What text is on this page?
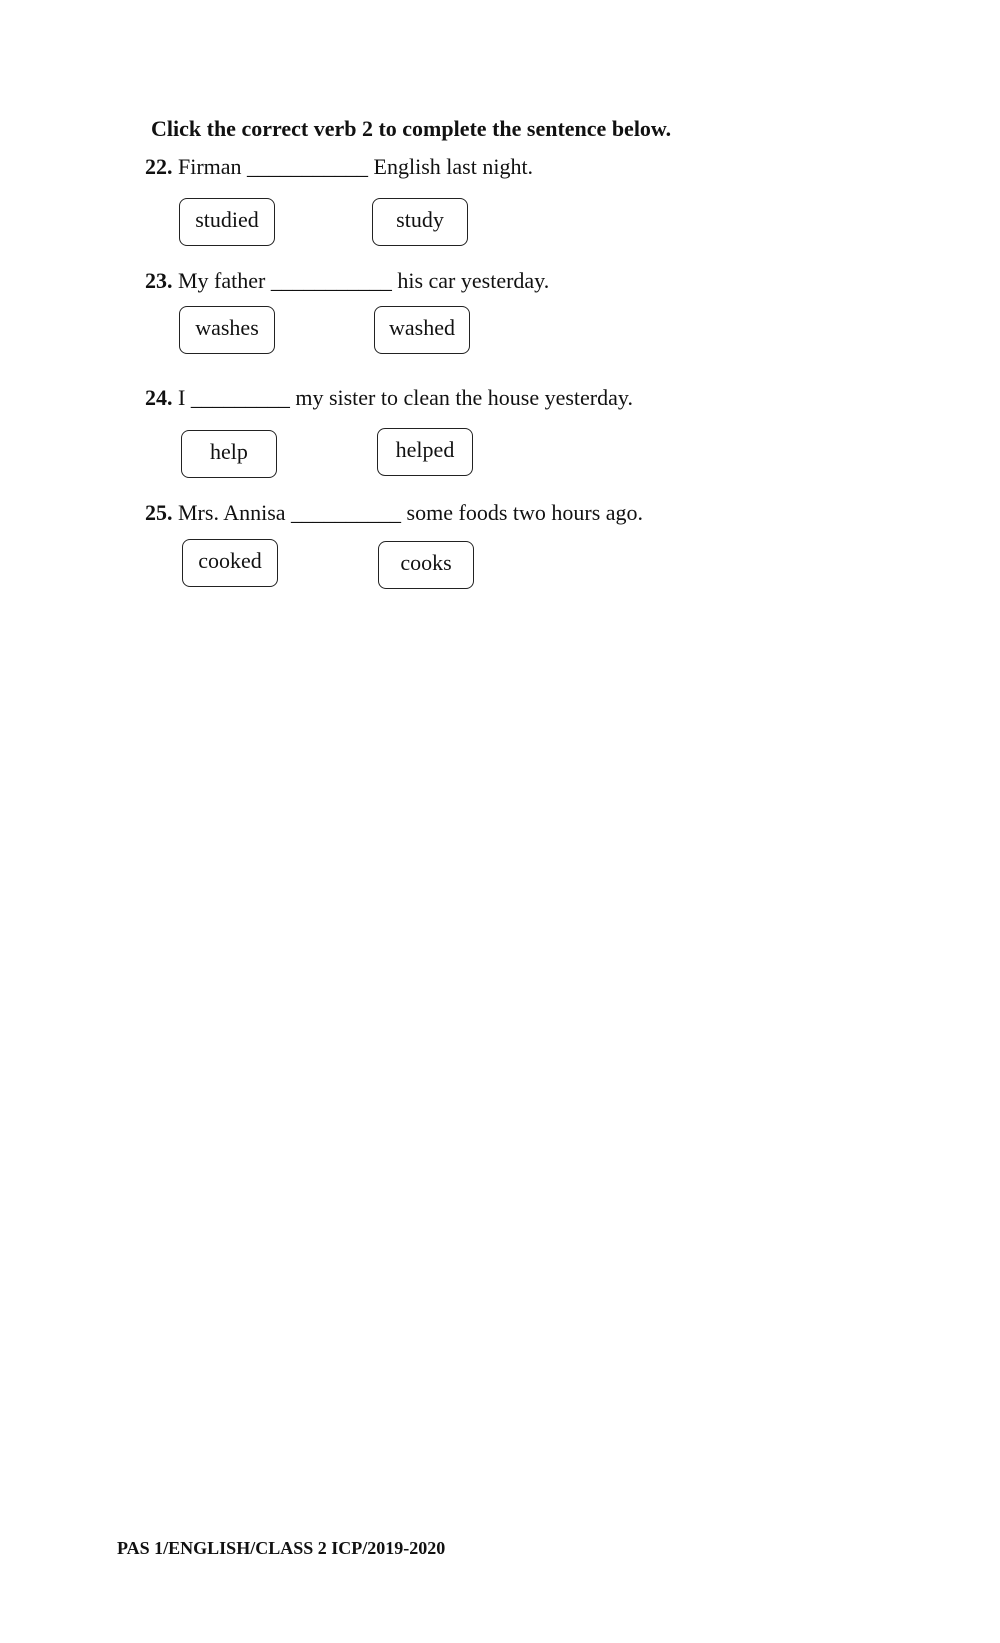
Click the correct verb 2 to complete the sentence below.
22. Firman ___________ English last night.
studied	study
23. My father ___________ his car yesterday.
washes	washed
24. I _________ my sister to clean the house yesterday.
help	helped
25. Mrs. Annisa __________ some foods two hours ago.
cooked	cooks
PAS 1/ENGLISH/CLASS 2 ICP/2019-2020
